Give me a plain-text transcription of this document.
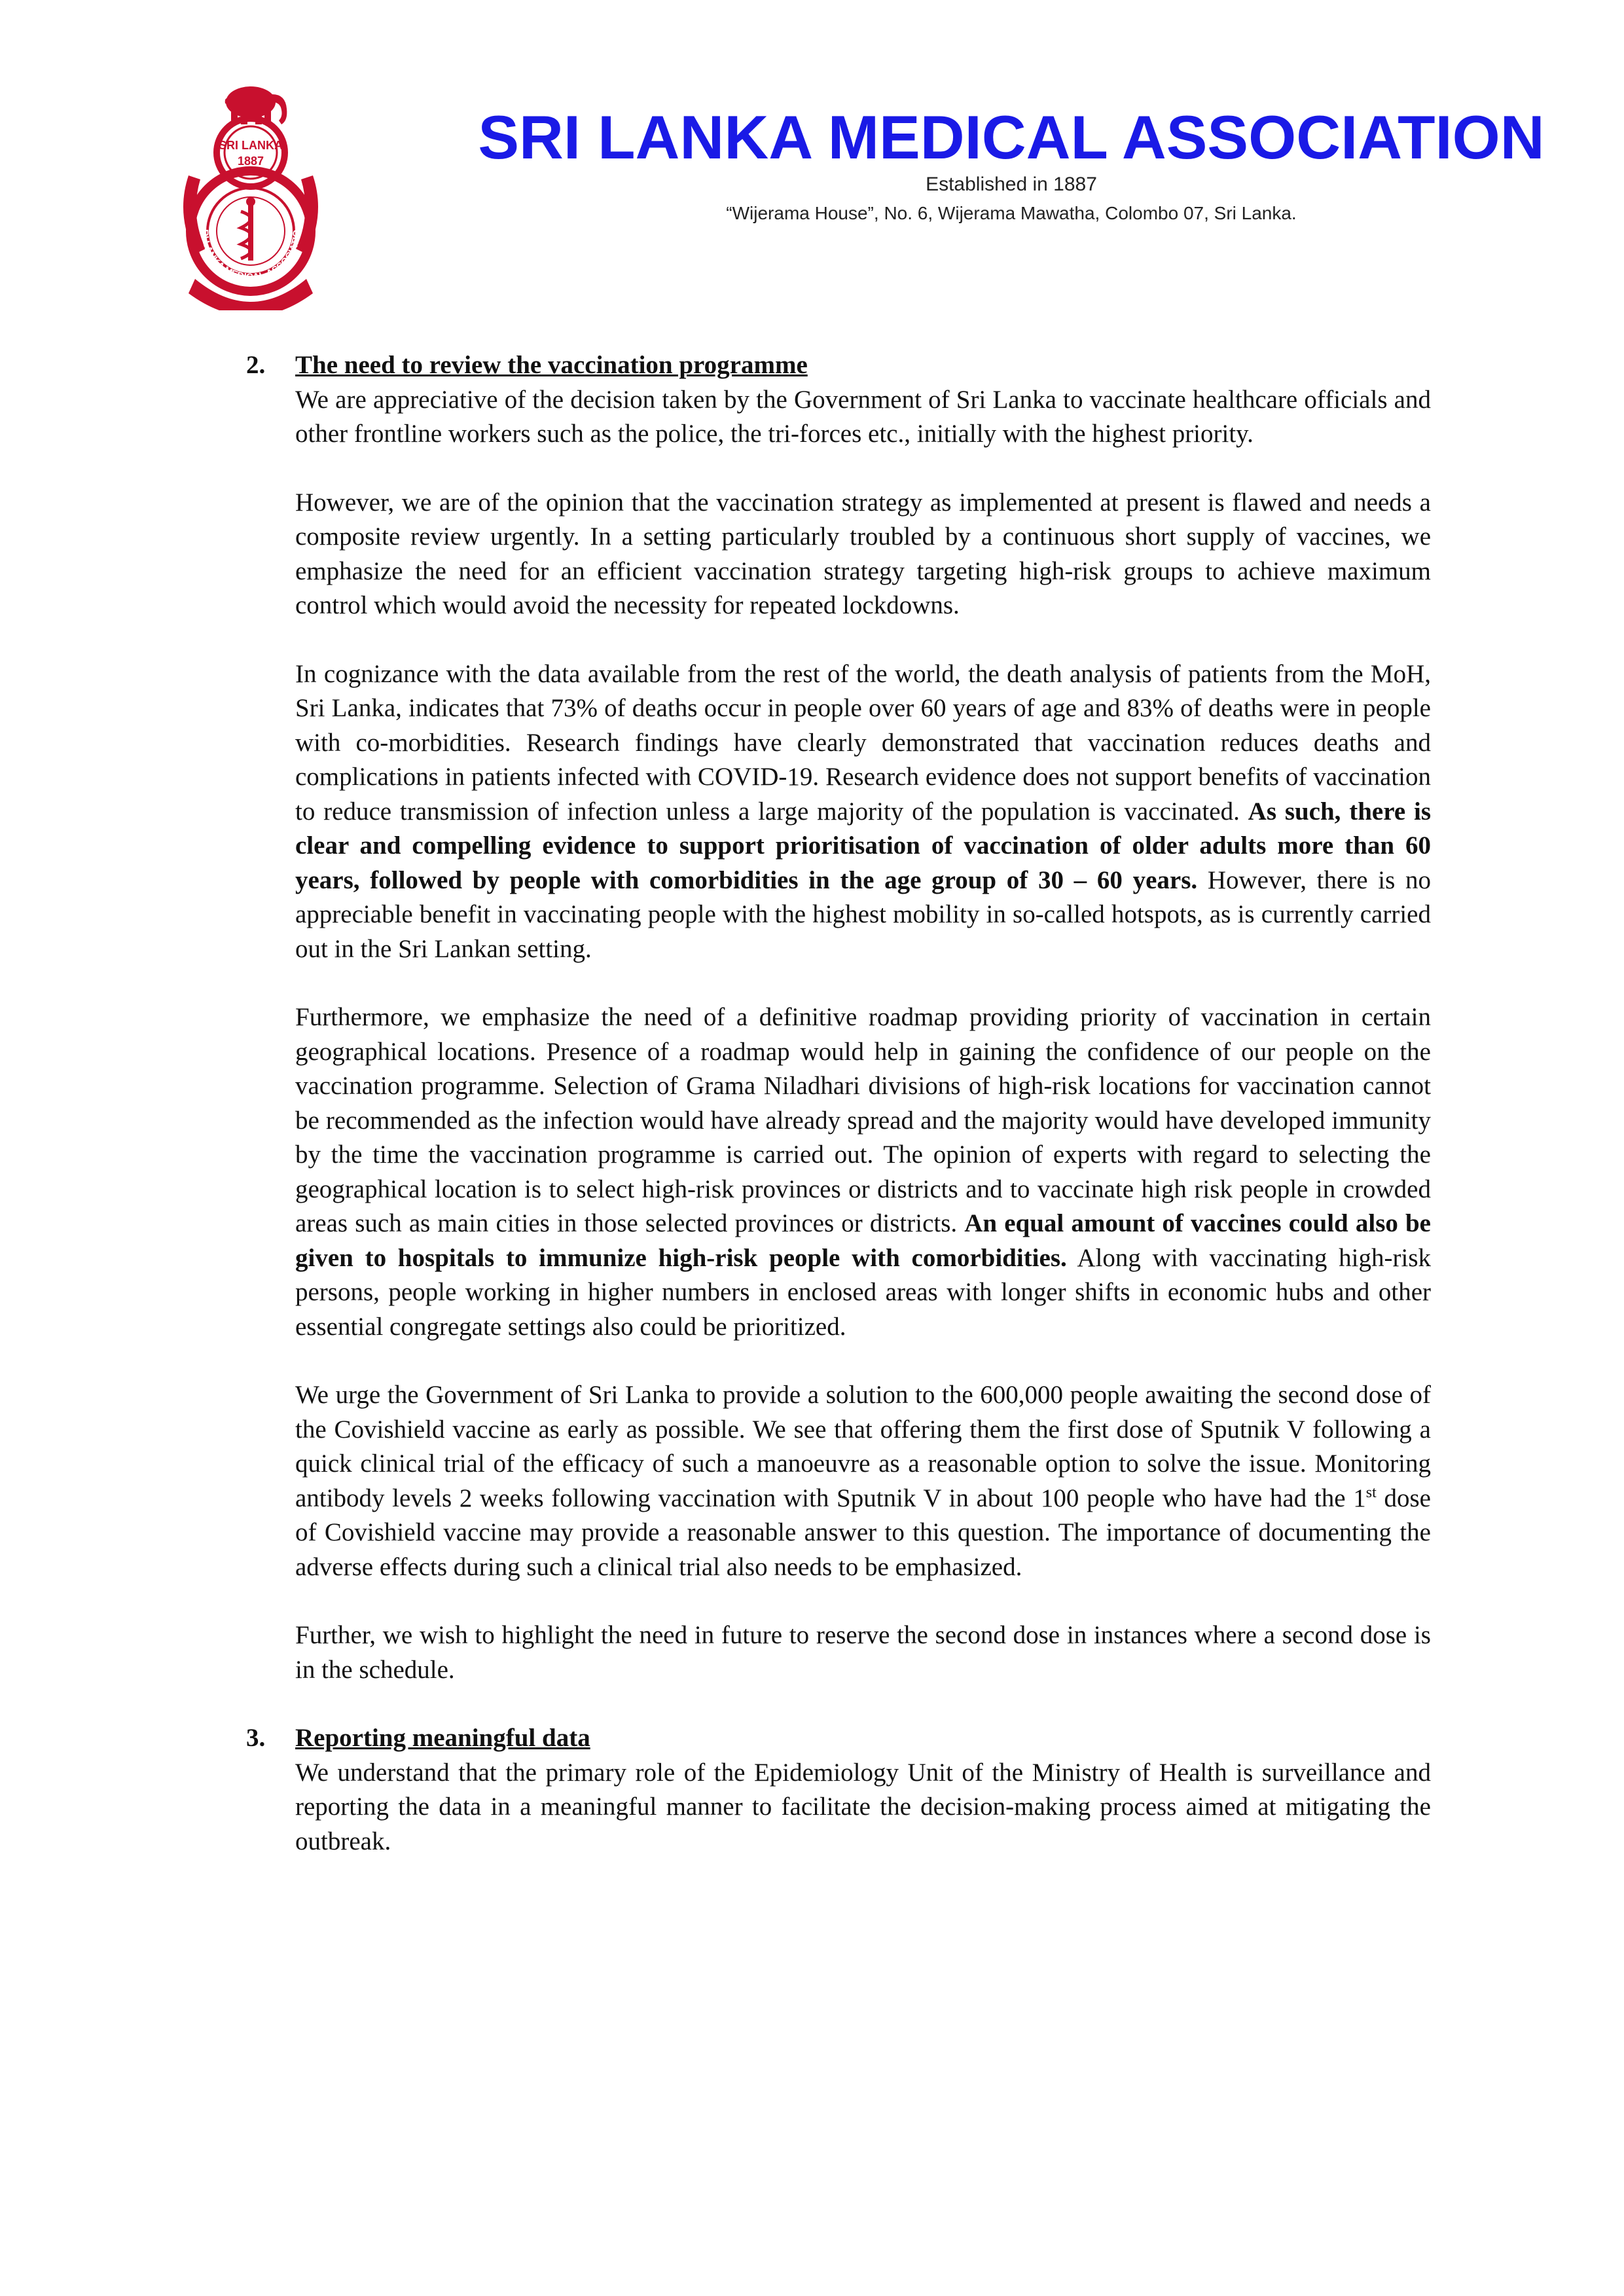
SRI LANKA
1887
RI LANKA MEDICAL ASSOCIATIO
SRI LANKA MEDICAL ASSOCIATION
Established in 1887
“Wijerama House”, No. 6, Wijerama Mawatha, Colombo 07, Sri Lanka.
2.	The need to review the vaccination programme

We are appreciative of the decision taken by the Government of Sri Lanka to vaccinate healthcare officials and other frontline workers such as the police, the tri-forces etc., initially with the highest priority.

However, we are of the opinion that the vaccination strategy as implemented at present is flawed and needs a composite review urgently. In a setting particularly troubled by a continuous short supply of vaccines, we emphasize the need for an efficient vaccination strategy targeting high-risk groups to achieve maximum control which would avoid the necessity for repeated lockdowns.

In cognizance with the data available from the rest of the world, the death analysis of patients from the MoH, Sri Lanka, indicates that 73% of deaths occur in people over 60 years of age and 83% of deaths were in people with co-morbidities. Research findings have clearly demonstrated that vaccination reduces deaths and complications in patients infected with COVID-19. Research evidence does not support benefits of vaccination to reduce transmission of infection unless a large majority of the population is vaccinated. As such, there is clear and compelling evidence to support prioritisation of vaccination of older adults more than 60 years, followed by people with comorbidities in the age group of 30 – 60 years. However, there is no appreciable benefit in vaccinating people with the highest mobility in so-called hotspots, as is currently carried out in the Sri Lankan setting.

Furthermore, we emphasize the need of a definitive roadmap providing priority of vaccination in certain geographical locations. Presence of a roadmap would help in gaining the confidence of our people on the vaccination programme. Selection of Grama Niladhari divisions of high-risk locations for vaccination cannot be recommended as the infection would have already spread and the majority would have developed immunity by the time the vaccination programme is carried out. The opinion of experts with regard to selecting the geographical location is to select high-risk provinces or districts and to vaccinate high risk people in crowded areas such as main cities in those selected provinces or districts. An equal amount of vaccines could also be given to hospitals to immunize high-risk people with comorbidities. Along with vaccinating high-risk persons, people working in higher numbers in enclosed areas with longer shifts in economic hubs and other essential congregate settings also could be prioritized.

We urge the Government of Sri Lanka to provide a solution to the 600,000 people awaiting the second dose of the Covishield vaccine as early as possible. We see that offering them the first dose of Sputnik V following a quick clinical trial of the efficacy of such a manoeuvre as a reasonable option to solve the issue. Monitoring antibody levels 2 weeks following vaccination with Sputnik V in about 100 people who have had the 1st dose of Covishield vaccine may provide a reasonable answer to this question. The importance of documenting the adverse effects during such a clinical trial also needs to be emphasized.

Further, we wish to highlight the need in future to reserve the second dose in instances where a second dose is in the schedule.

3.	Reporting meaningful data

We understand that the primary role of the Epidemiology Unit of the Ministry of Health is surveillance and reporting the data in a meaningful manner to facilitate the decision-making process aimed at mitigating the outbreak.
